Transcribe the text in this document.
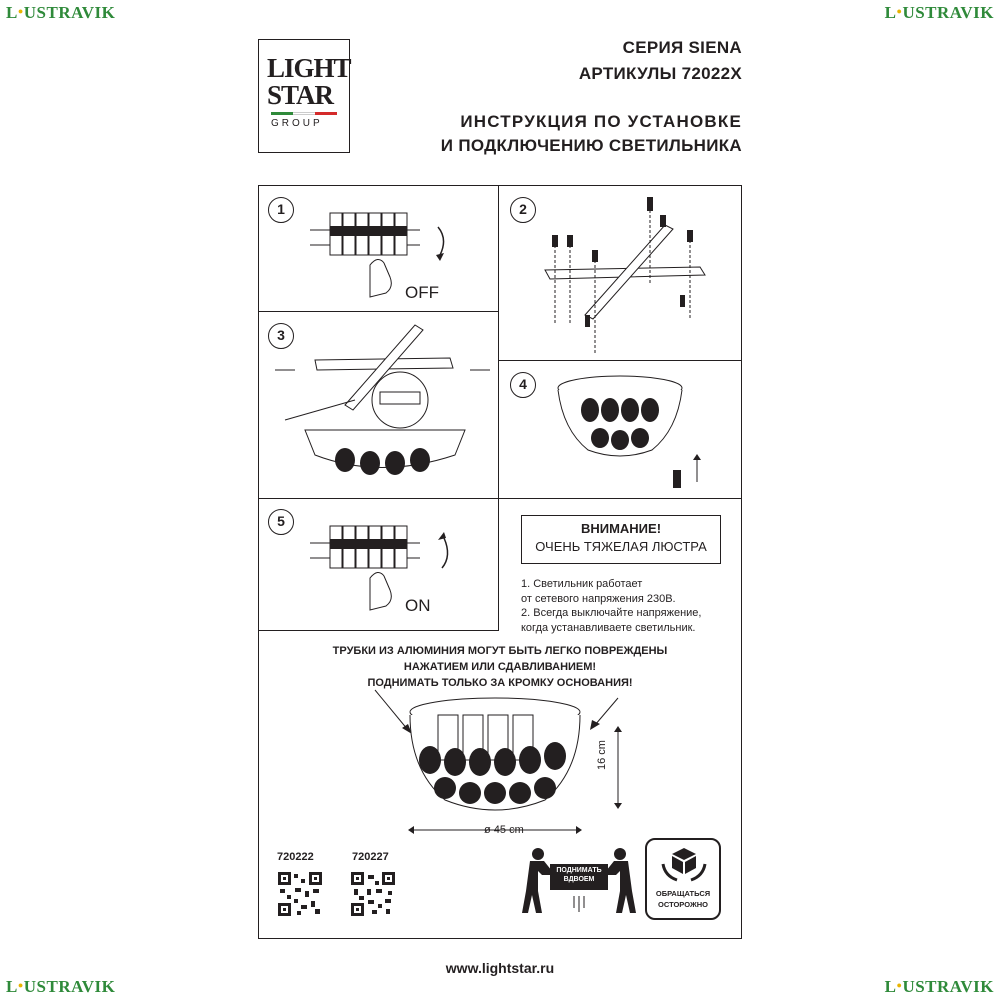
L●USTRAVIK	L●USTRAVIK
L●USTRAVIK	L●USTRAVIK
LIGHT
STAR
GROUP
СЕРИЯ SIENA
АРТИКУЛЫ 72022X
ИНСТРУКЦИЯ ПО УСТАНОВКЕ
И ПОДКЛЮЧЕНИЮ СВЕТИЛЬНИКА
1	2
3
4
5
OFF
ON
ВНИМАНИЕ!
ОЧЕНЬ ТЯЖЕЛАЯ ЛЮСТРА
1. Светильник работает
от сетевого напряжения 230В.
2. Всегда выключайте напряжение,
когда устанавливаете светильник.
ТРУБКИ ИЗ АЛЮМИНИЯ МОГУТ БЫТЬ ЛЕГКО ПОВРЕЖДЕНЫ
НАЖАТИЕМ ИЛИ СДАВЛИВАНИЕМ!
ПОДНИМАТЬ ТОЛЬКО ЗА КРОМКУ ОСНОВАНИЯ!
16 cm
ø 45 cm
720222	720227
ПОДНИМАТЬ
ВДВОЕМ
ОБРАЩАТЬСЯ
ОСТОРОЖНО
www.lightstar.ru
